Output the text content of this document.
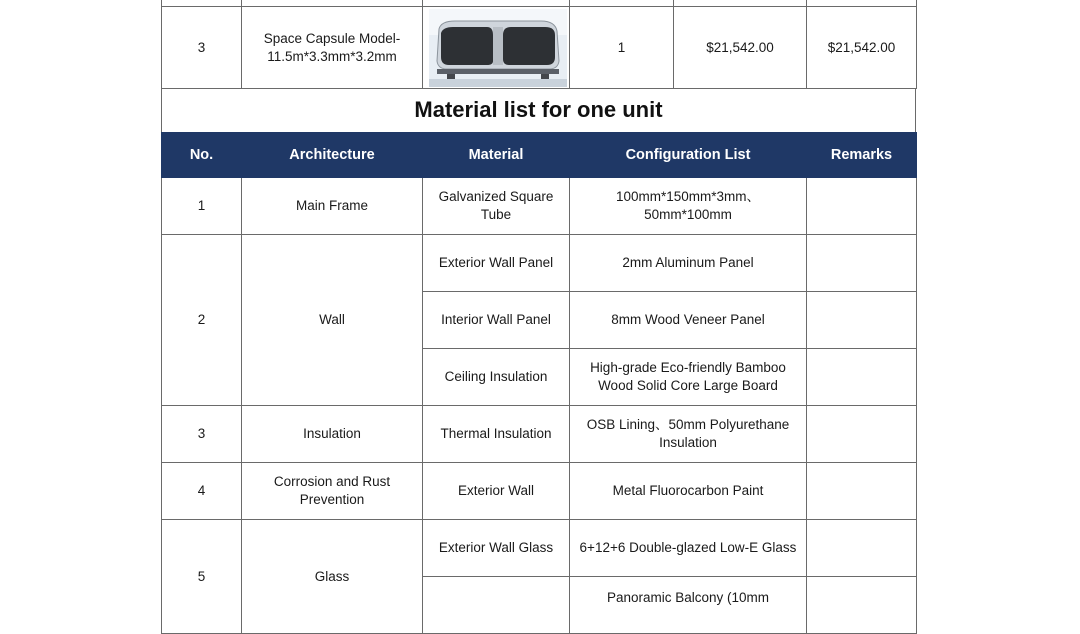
3	Space Capsule Model-
11.5m*3.3mm*3.2mm		1	$21,542.00	$21,542.00
Material list for one unit
No.	Architecture	Material	Configuration List	Remarks
1	Main Frame	Galvanized Square Tube	100mm*150mm*3mm、50mm*100mm	
2	Wall	Exterior Wall Panel	2mm Aluminum Panel	
		Interior Wall Panel	8mm Wood Veneer Panel	
		Ceiling Insulation	High-grade Eco-friendly Bamboo Wood Solid Core Large Board	
3	Insulation	Thermal Insulation	OSB Lining、50mm Polyurethane Insulation	
4	Corrosion and Rust Prevention	Exterior Wall	Metal Fluorocarbon Paint	
5	Glass	Exterior Wall Glass	6+12+6 Double-glazed Low-E Glass	
			Panoramic Balcony (10mm	
